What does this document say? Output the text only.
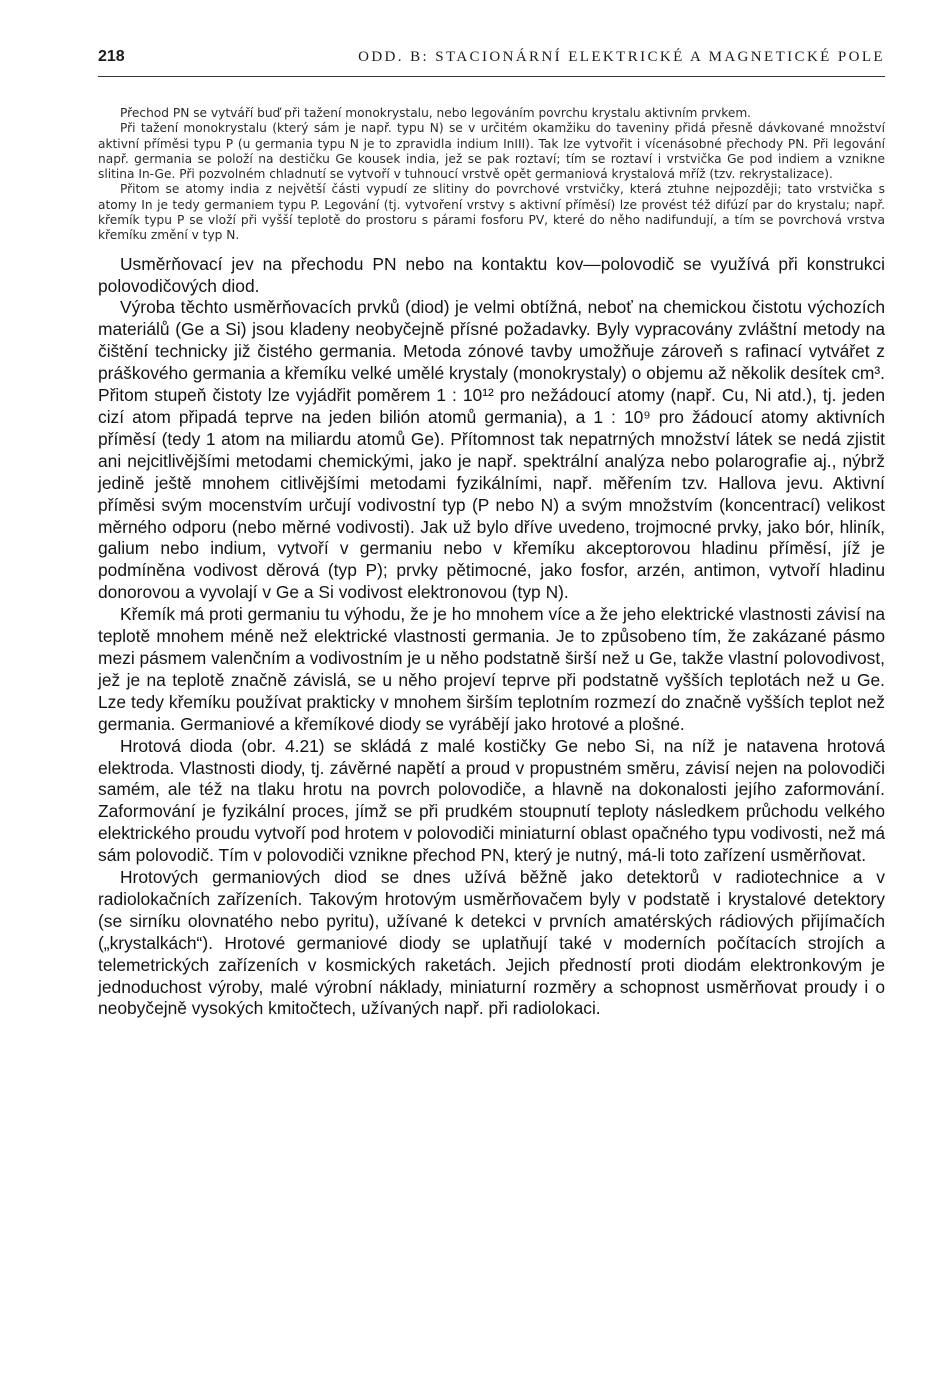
218	ODD. B: STACIONÁRNÍ ELEKTRICKÉ A MAGNETICKÉ POLE

Přechod PN se vytváří buď při tažení monokrystalu, nebo legováním povrchu krystalu aktivním prvkem.

Při tažení monokrystalu (který sám je např. typu N) se v určitém okamžiku do taveniny přidá přesně dávkované množství aktivní příměsi typu P (u germania typu N je to zpravidla indium InIII). Tak lze vytvořit i vícenásobné přechody PN. Při legování např. germania se položí na destičku Ge kousek india, jež se pak roztaví; tím se roztaví i vrstvička Ge pod indiem a vznikne slitina In-Ge. Při pozvolném chladnutí se vytvoří v tuhnoucí vrstvě opět germaniová krystalová mříž (tzv. rekrystalizace).

Přitom se atomy india z největší části vypudí ze slitiny do povrchové vrstvičky, která ztuhne nejpozději; tato vrstvička s atomy In je tedy germaniem typu P. Legování (tj. vytvoření vrstvy s aktivní příměsí) lze provést též difúzí par do krystalu; např. křemík typu P se vloží při vyšší teplotě do prostoru s párami fosforu PV, které do něho nadifundují, a tím se povrchová vrstva křemíku změní v typ N.

Usměrňovací jev na přechodu PN nebo na kontaktu kov—polovodič se využívá při konstrukci polovodičových diod.

Výroba těchto usměrňovacích prvků (diod) je velmi obtížná, neboť na chemickou čistotu výchozích materiálů (Ge a Si) jsou kladeny neobyčejně přísné požadavky. Byly vypracovány zvláštní metody na čištění technicky již čistého germania. Metoda zónové tavby umožňuje zároveň s rafinací vytvářet z práškového germania a křemíku velké umělé krystaly (monokrystaly) o objemu až několik desítek cm³. Přitom stupeň čistoty lze vyjádřit poměrem 1 : 10¹² pro nežádoucí atomy (např. Cu, Ni atd.), tj. jeden cizí atom připadá teprve na jeden bilión atomů germania), a 1 : 10⁹ pro žádoucí atomy aktivních příměsí (tedy 1 atom na miliardu atomů Ge). Přítomnost tak nepatrných množství látek se nedá zjistit ani nejcitlivějšími metodami chemickými, jako je např. spektrální analýza nebo polarografie aj., nýbrž jedině ještě mnohem citlivějšími metodami fyzikálními, např. měřením tzv. Hallova jevu. Aktivní příměsi svým mocenstvím určují vodivostní typ (P nebo N) a svým množstvím (koncentrací) velikost měrného odporu (nebo měrné vodivosti). Jak už bylo dříve uvedeno, trojmocné prvky, jako bór, hliník, galium nebo indium, vytvoří v germaniu nebo v křemíku akceptorovou hladinu příměsí, jíž je podmíněna vodivost děrová (typ P); prvky pětimocné, jako fosfor, arzén, antimon, vytvoří hladinu donorovou a vyvolají v Ge a Si vodivost elektronovou (typ N).

Křemík má proti germaniu tu výhodu, že je ho mnohem více a že jeho elektrické vlastnosti závisí na teplotě mnohem méně než elektrické vlastnosti germania. Je to způsobeno tím, že zakázané pásmo mezi pásmem valenčním a vodivostním je u něho podstatně širší než u Ge, takže vlastní polovodivost, jež je na teplotě značně závislá, se u něho projeví teprve při podstatně vyšších teplotách než u Ge. Lze tedy křemíku používat prakticky v mnohem širším teplotním rozmezí do značně vyšších teplot než germania. Germaniové a křemíkové diody se vyrábějí jako hrotové a plošné.

Hrotová dioda (obr. 4.21) se skládá z malé kostičky Ge nebo Si, na níž je natavena hrotová elektroda. Vlastnosti diody, tj. závěrné napětí a proud v propustném směru, závisí nejen na polovodiči samém, ale též na tlaku hrotu na povrch polovodiče, a hlavně na dokonalosti jejího zaformování. Zaformování je fyzikální proces, jímž se při prudkém stoupnutí teploty následkem průchodu velkého elektrického proudu vytvoří pod hrotem v polovodiči miniaturní oblast opačného typu vodivosti, než má sám polovodič. Tím v polovodiči vznikne přechod PN, který je nutný, má-li toto zařízení usměrňovat.

Hrotových germaniových diod se dnes užívá běžně jako detektorů v radiotechnice a v radiolokačních zařízeních. Takovým hrotovým usměrňovačem byly v podstatě i krystalové detektory (se sirníku olovnatého nebo pyritu), užívané k detekci v prvních amatérských rádiových přijímačích („krystalkách“). Hrotové germaniové diody se uplatňují také v moderních počítacích strojích a telemetrických zařízeních v kosmických raketách. Jejich předností proti diodám elektronkovým je jednoduchost výroby, malé výrobní náklady, miniaturní rozměry a schopnost usměrňovat proudy i o neobyčejně vysokých kmitočtech, užívaných např. při radiolokaci.
